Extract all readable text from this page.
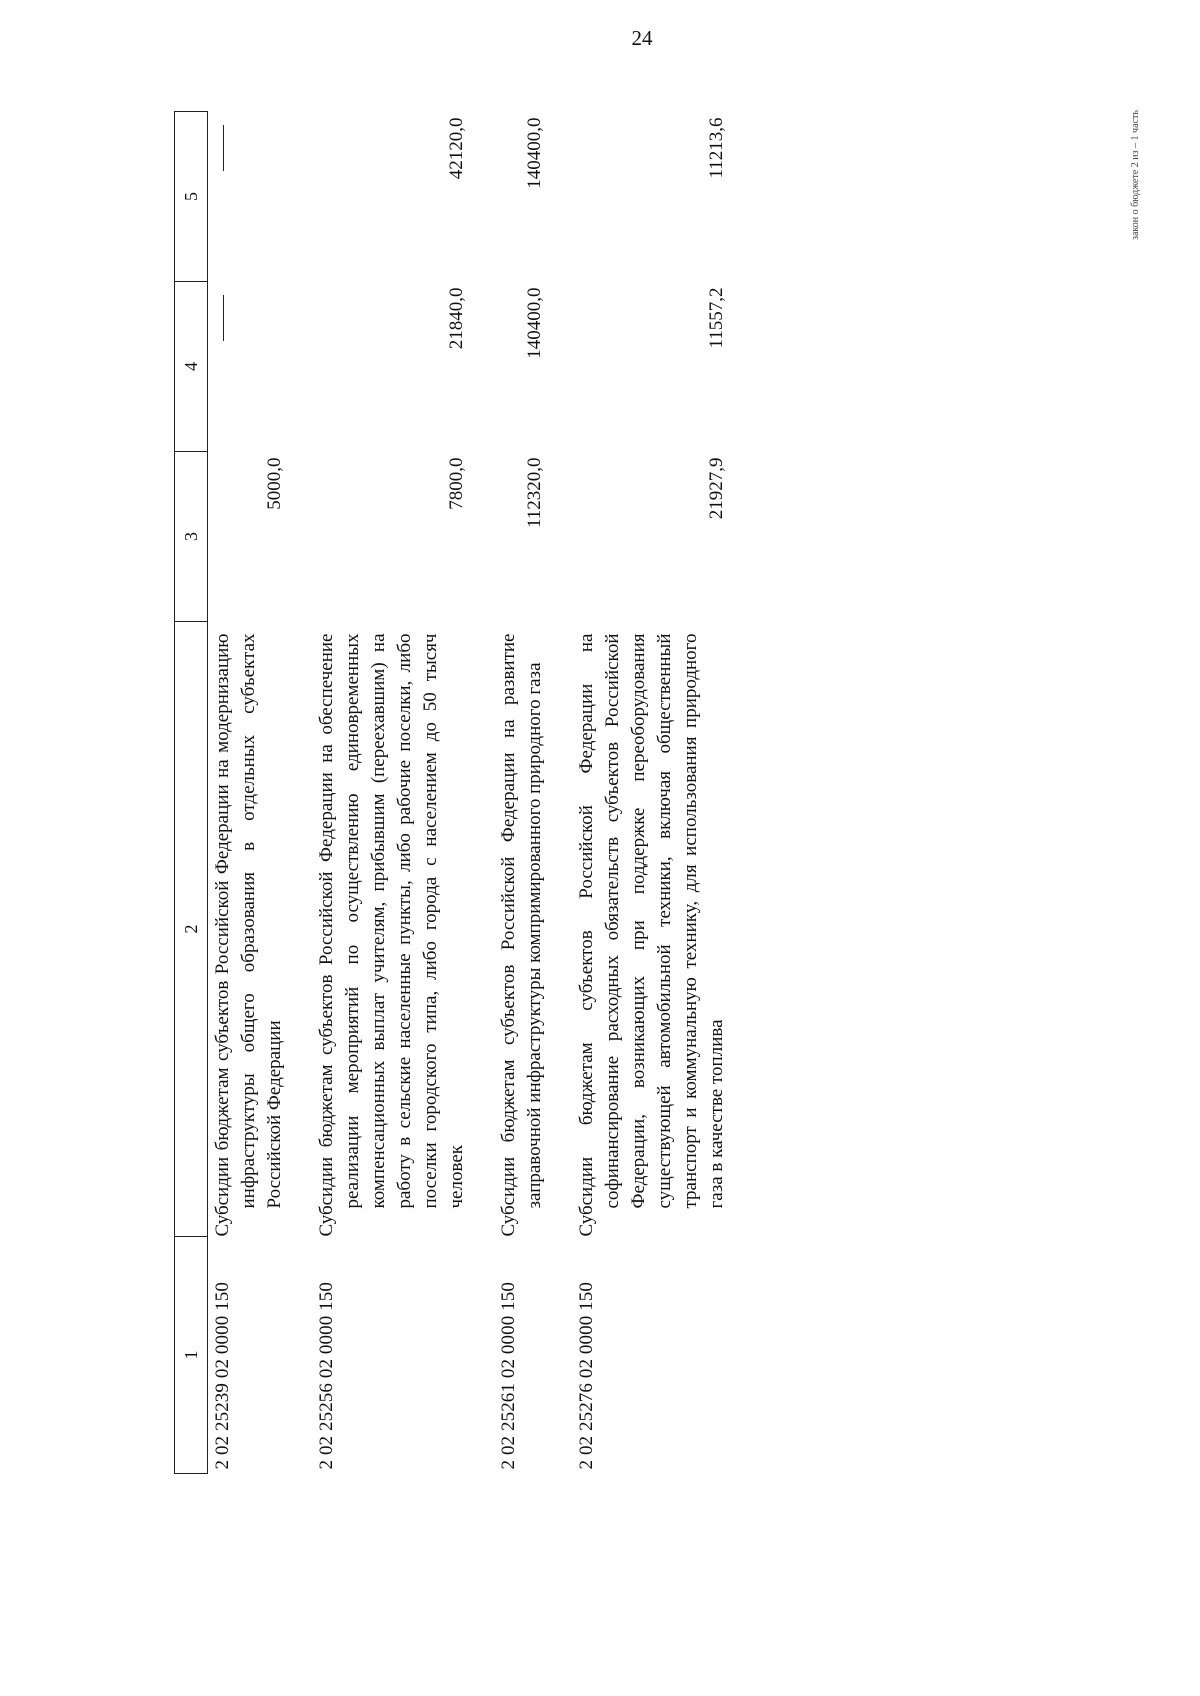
24
1	2	3	4	5
2 02 25239 02 0000 150	Субсидии бюджетам субъектов Российской Федерации на модернизацию инфраструктуры общего образования в отдельных субъектах Российской Федерации	5000,0		
2 02 25256 02 0000 150	Субсидии бюджетам субъектов Российской Федерации на обеспечение реализации мероприятий по осуществлению единовременных компенсационных выплат учителям, прибывшим (переехавшим) на работу в сельские населенные пункты, либо рабочие поселки, либо поселки городского типа, либо города с населением до 50 тысяч человек	7800,0	21840,0	42120,0
2 02 25261 02 0000 150	Субсидии бюджетам субъектов Российской Федерации на развитие заправочной инфраструктуры компримированного природного газа	112320,0	140400,0	140400,0
2 02 25276 02 0000 150	Субсидии бюджетам субъектов Российской Федерации на софинансирование расходных обязательств субъектов Российской Федерации, возникающих при поддержке переоборудования существующей автомобильной техники, включая общественный транспорт и коммунальную технику, для использования природного газа в качестве топлива	21927,9	11557,2	11213,6	закон о бюджете 2 из – 1 часть
